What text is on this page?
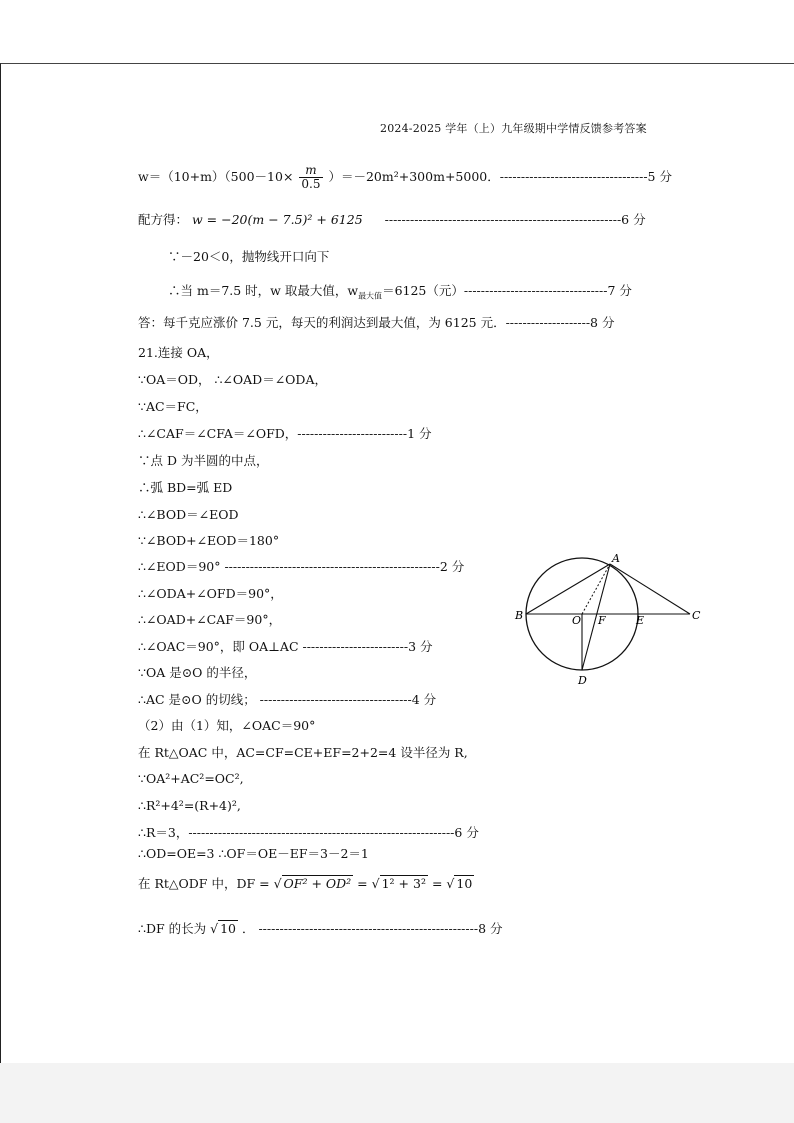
2024-2025 学年（上）九年级期中学情反馈参考答案
$w=(10+m)(500-10\times \frac{m}{0.5} )=-20m^2+300m+5000$．-----------------------------------5 分
配方得： w = −20(m − 7.5)² + 6125 --------------------------------------------------------6 分
∵－20＜0，抛物线开口向下
∴当 m＝7.5 时，w 取最大值，$w_{最大值}=6125$（元）----------------------------------7 分
答：每千克应涨价 7.5 元，每天的利润达到最大值，为 6125 元．--------------------8 分
21.连接 OA，
∵OA＝OD， ∴∠OAD＝∠ODA，
∵AC＝FC，
∴∠CAF＝∠CFA＝∠OFD，--------------------------1 分
∵点 D 为半圆的中点，
∴弧 BD=弧 ED
∴∠BOD＝∠EOD
∵∠BOD+∠EOD＝180°
∴∠EOD＝90° ---------------------------------------------------2 分
∴∠ODA+∠OFD＝90°，
∴∠OAD+∠CAF＝90°，
∴∠OAC＝90°，即 OA⊥AC -------------------------3 分
∵OA 是⊙O 的半径，
∴AC 是⊙O 的切线； ------------------------------------4 分
（2）由（1）知，∠OAC＝90°
在 Rt△OAC 中，AC=CF=CE+EF=2+2=4 设半径为 R,
∵OA²+AC²=OC²,
∴R²+4²=(R+4)²,
∴R＝3，---------------------------------------------------------------6 分
∴OD=OE=3 ∴OF＝OE－EF＝3－2＝1
在 Rt△ODF 中，DF = √ OF² + OD² = √ 1² + 3² = √ 10
∴DF 的长为 √ 10 ． ----------------------------------------------------8 分
A
B	O F	E	C
D
